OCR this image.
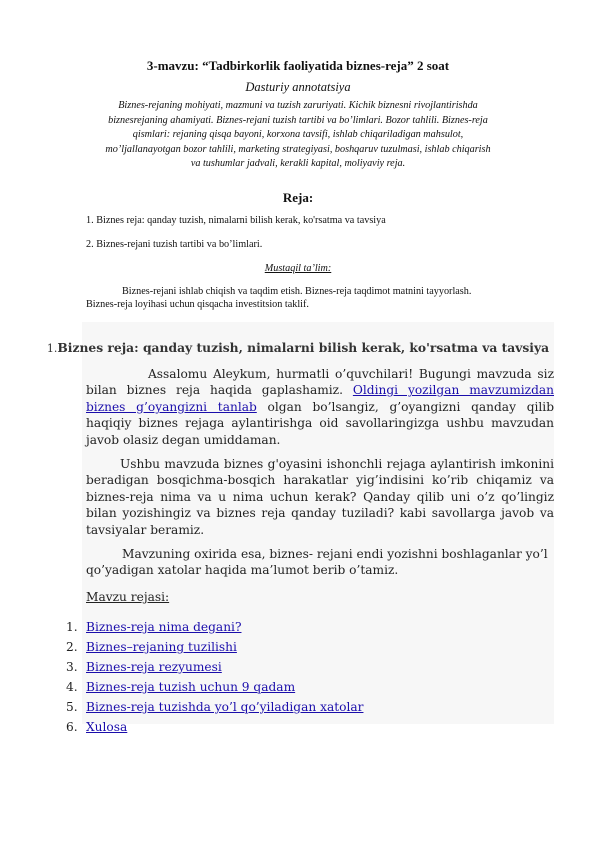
3-mavzu: “Tadbirkorlik faoliyatida biznes-reja” 2 soat
Dasturiy annotatsiya
Biznes-rejaning mohiyati, mazmuni va tuzish zaruriyati. Kichik biznesni rivojlantirishda
biznesrejaning ahamiyati. Biznes-rejani tuzish tartibi va bo’limlari. Bozor tahlili. Biznes-reja
qismlari: rejaning qisqa bayoni, korxona tavsifi, ishlab chiqariladigan mahsulot,
mo’ljallanayotgan bozor tahlili, marketing strategiyasi, boshqaruv tuzulmasi, ishlab chiqarish
va tushumlar jadvali, kerakli kapital, moliyaviy reja.
Reja:
1. Biznes reja: qanday tuzish, nimalarni bilish kerak, ko'rsatma va tavsiya
2. Biznes-rejani tuzish tartibi va bo’limlari.
Mustaqil ta’lim:
Biznes-rejani ishlab chiqish va taqdim etish. Biznes-reja taqdimot matnini tayyorlash.
Biznes-reja loyihasi uchun qisqacha investitsion taklif.
1.Biznes reja: qanday tuzish, nimalarni bilish kerak, ko'rsatma va tavsiya
Assalomu Aleykum, hurmatli o’quvchilari! Bugungi mavzuda siz bilan biznes reja haqida gaplashamiz. Oldingi yozilgan mavzumizdan biznes g’oyangizni tanlab olgan bo’lsangiz, g’oyangizni qanday qilib haqiqiy biznes rejaga aylantirishga oid savollaringizga ushbu mavzudan javob olasiz degan umiddaman.
Ushbu mavzuda biznes g'oyasini ishonchli rejaga aylantirish imkonini beradigan bosqichma-bosqich harakatlar yig’indisini ko’rib chiqamiz va biznes-reja nima va u nima uchun kerak? Qanday qilib uni o’z qo’lingiz bilan yozishingiz va biznes reja qanday tuziladi? kabi savollarga javob va tavsiyalar beramiz.
Mavzuning oxirida esa, biznes- rejani endi yozishni boshlaganlar yo’l
qo’yadigan xatolar haqida ma’lumot berib o’tamiz.
Mavzu rejasi:
1. Biznes-reja nima degani?
2. Biznes–rejaning tuzilishi
3. Biznes-reja rezyumesi
4. Biznes-reja tuzish uchun 9 qadam
5. Biznes-reja tuzishda yo’l qo’yiladigan xatolar
6. Xulosa
